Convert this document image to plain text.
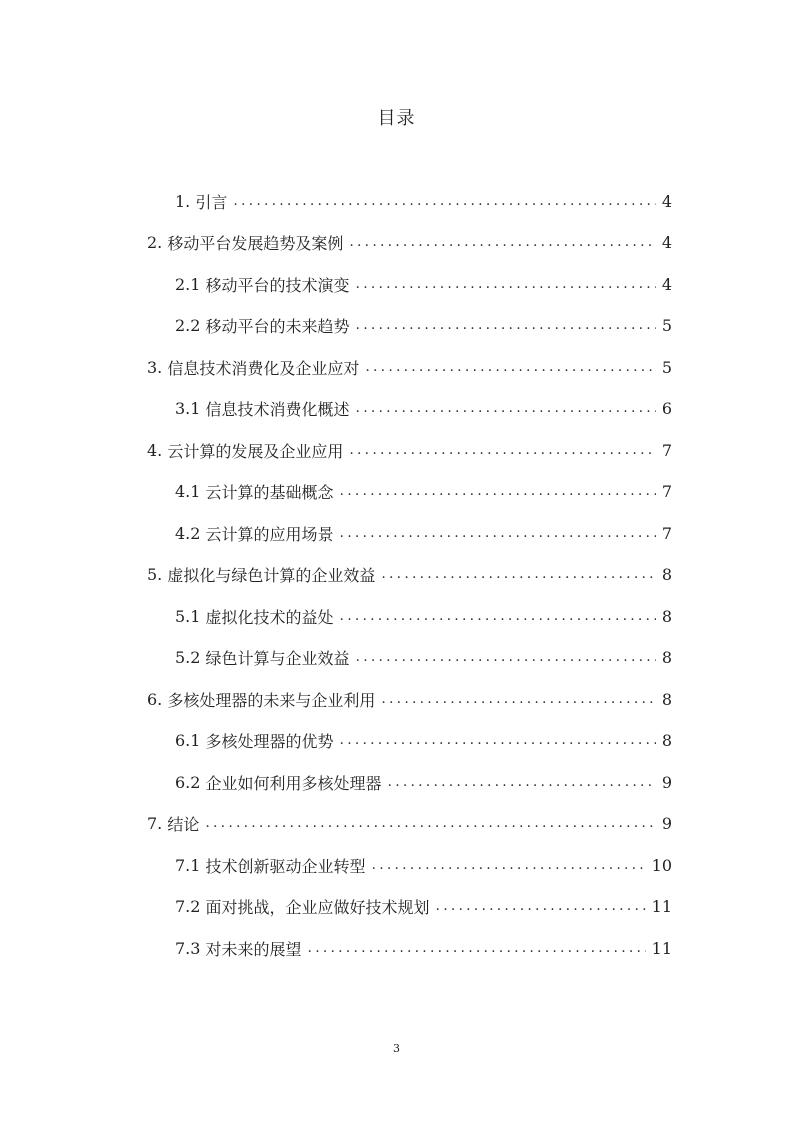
目录
1. 引言 .....	4
2. 移动平台发展趋势及案例 .....	4
2.1 移动平台的技术演变 .....	4
2.2 移动平台的未来趋势 .....	5
3. 信息技术消费化及企业应对 .....	5
3.1 信息技术消费化概述 .....	6
4. 云计算的发展及企业应用 .....	7
4.1 云计算的基础概念 .....	7
4.2 云计算的应用场景 .....	7
5. 虚拟化与绿色计算的企业效益 .....	8
5.1 虚拟化技术的益处 .....	8
5.2 绿色计算与企业效益 .....	8
6. 多核处理器的未来与企业利用 .....	8
6.1 多核处理器的优势 .....	8
6.2 企业如何利用多核处理器 .....	9
7. 结论 .....	9
7.1 技术创新驱动企业转型 .....	10
7.2 面对挑战，企业应做好技术规划 .....	11
7.3 对未来的展望 .....	11
3
